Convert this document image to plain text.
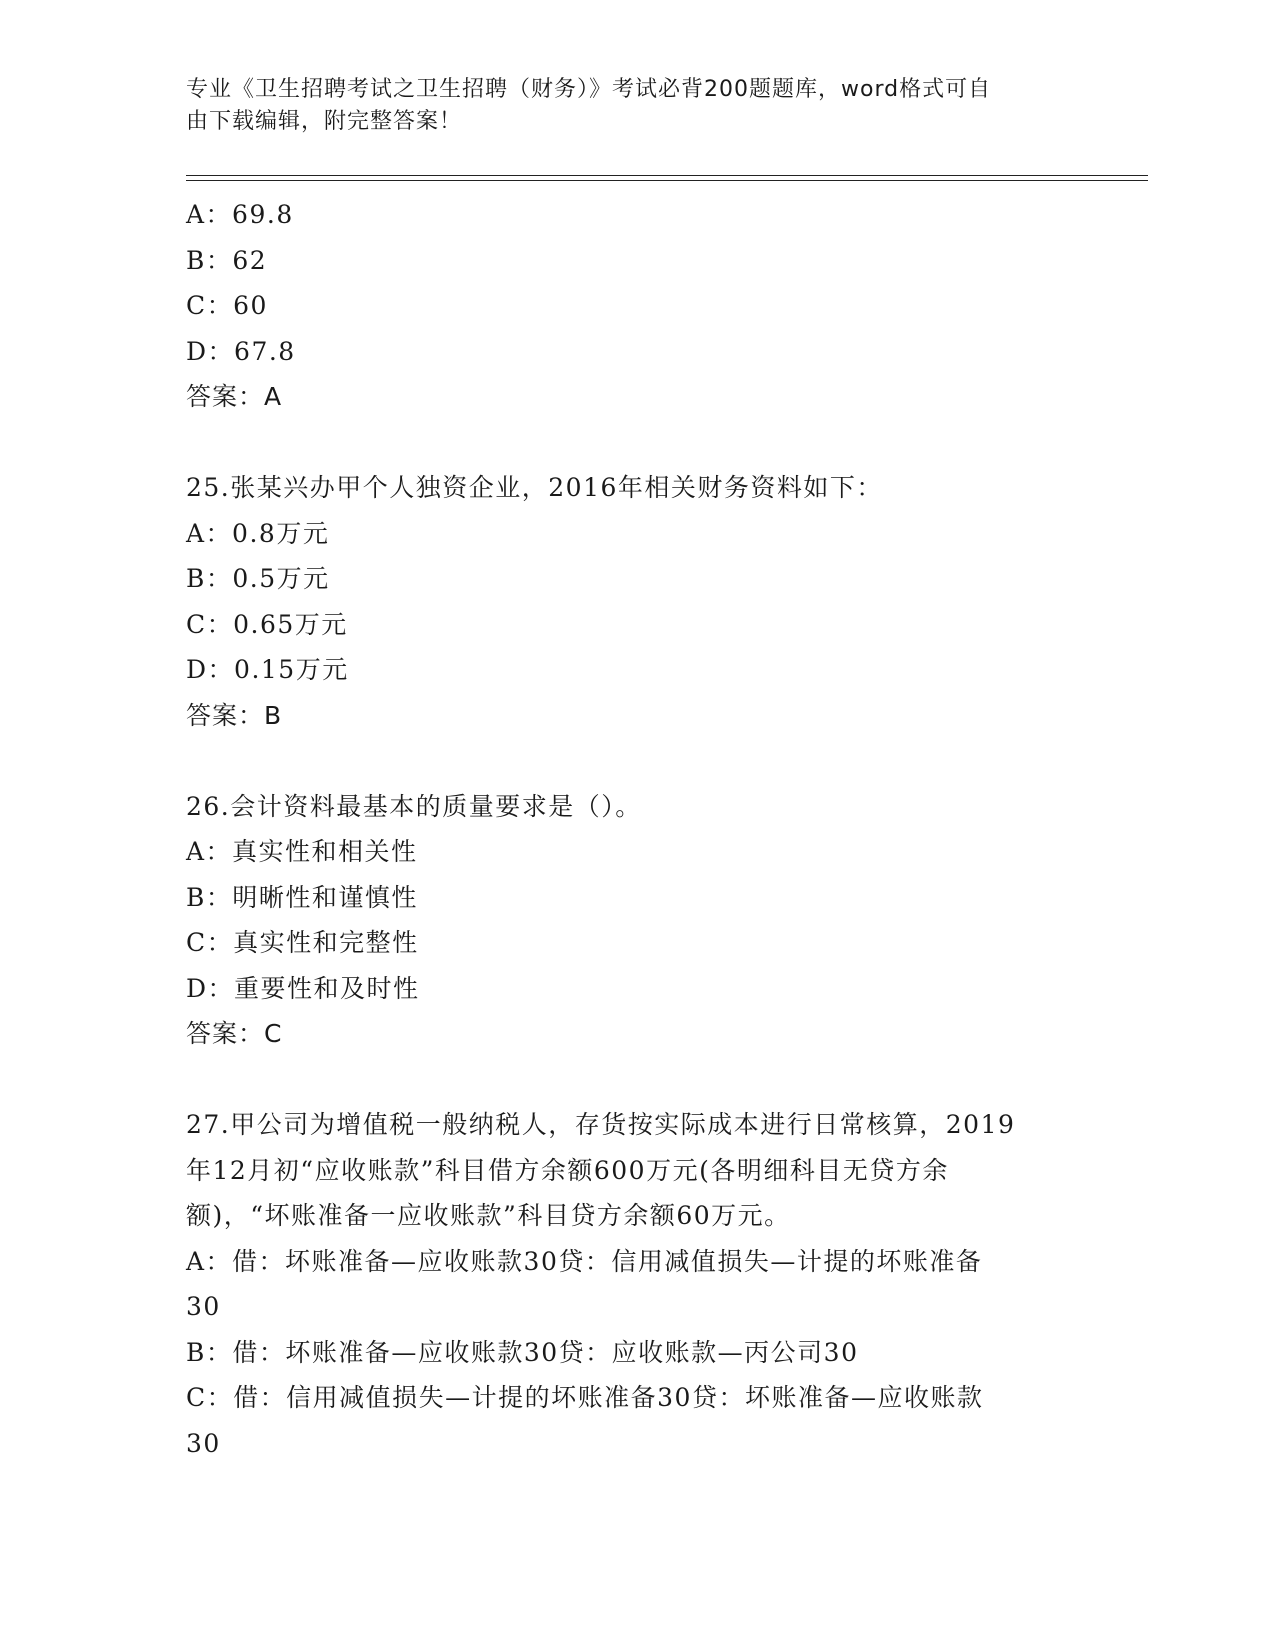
专业《卫生招聘考试之卫生招聘（财务）》考试必背200题题库，word格式可自
由下载编辑，附完整答案！
A：69.8
B：62
C：60
D：67.8
答案：A
25.张某兴办甲个人独资企业，2016年相关财务资料如下：
A：0.8万元
B：0.5万元
C：0.65万元
D：0.15万元
答案：B
26.会计资料最基本的质量要求是（）。
A：真实性和相关性
B：明晰性和谨慎性
C：真实性和完整性
D：重要性和及时性
答案：C
27.甲公司为增值税一般纳税人，存货按实际成本进行日常核算，2019
年12月初“应收账款”科目借方余额600万元(各明细科目无贷方余
额)，“坏账准备一应收账款”科目贷方余额60万元。
A：借：坏账准备—应收账款30贷：信用减值损失—计提的坏账准备
30
B：借：坏账准备—应收账款30贷：应收账款—丙公司30
C：借：信用减值损失—计提的坏账准备30贷：坏账准备—应收账款
30
